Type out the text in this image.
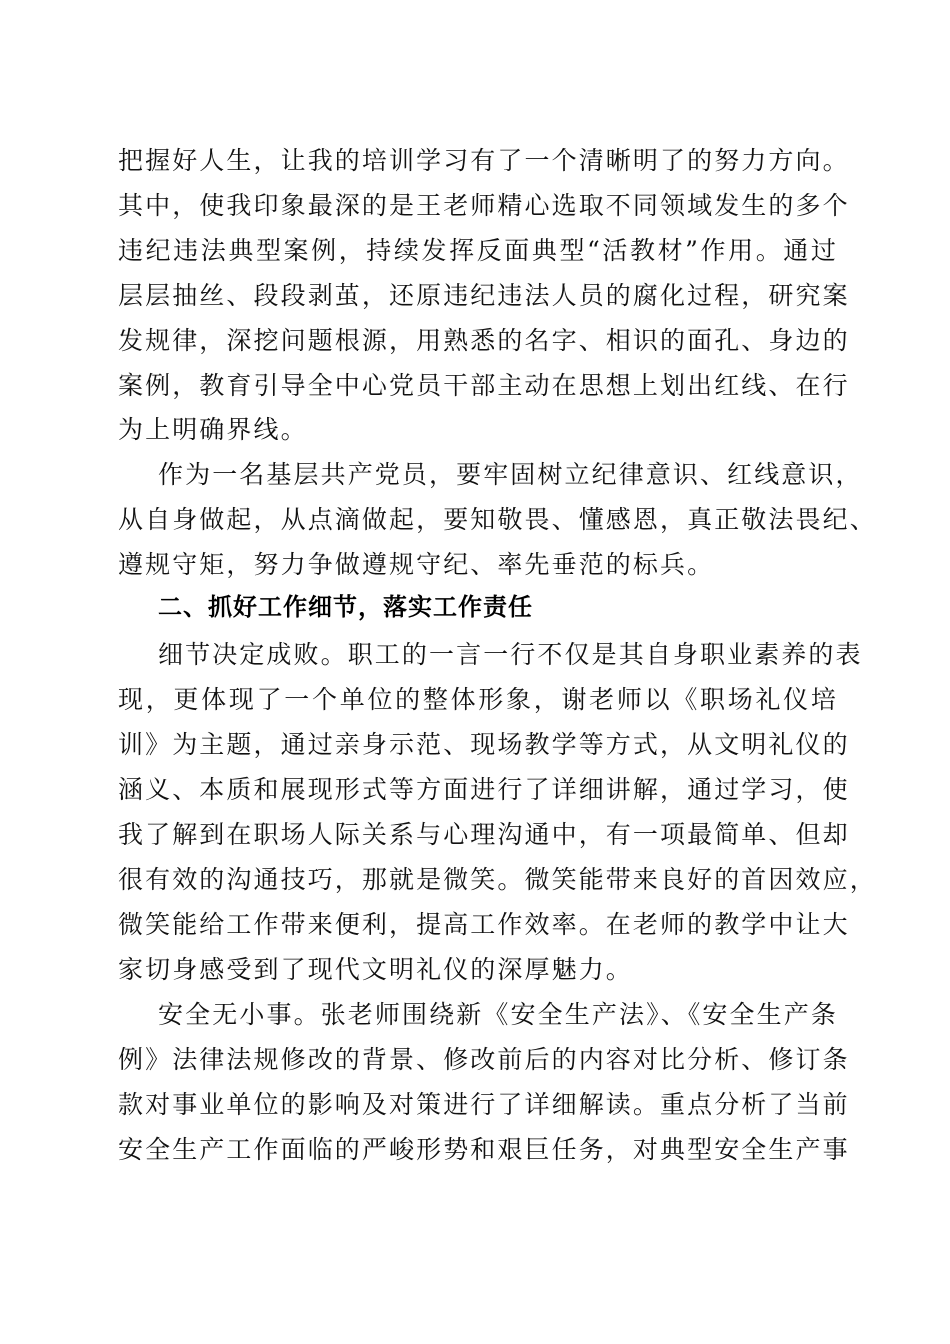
把握好人生，让我的培训学习有了一个清晰明了的努力方向。
其中，使我印象最深的是王老师精心选取不同领域发生的多个
违纪违法典型案例，持续发挥反面典型“活教材”作用。通过
层层抽丝、段段剥茧，还原违纪违法人员的腐化过程，研究案
发规律，深挖问题根源，用熟悉的名字、相识的面孔、身边的
案例，教育引导全中心党员干部主动在思想上划出红线、在行
为上明确界线。
作为一名基层共产党员，要牢固树立纪律意识、红线意识，
从自身做起，从点滴做起，要知敬畏、懂感恩，真正敬法畏纪、
遵规守矩，努力争做遵规守纪、率先垂范的标兵。
二、抓好工作细节，落实工作责任
细节决定成败。职工的一言一行不仅是其自身职业素养的表
现，更体现了一个单位的整体形象，谢老师以《职场礼仪培
训》为主题，通过亲身示范、现场教学等方式，从文明礼仪的
涵义、本质和展现形式等方面进行了详细讲解，通过学习，使
我了解到在职场人际关系与心理沟通中，有一项最简单、但却
很有效的沟通技巧，那就是微笑。微笑能带来良好的首因效应，
微笑能给工作带来便利，提高工作效率。在老师的教学中让大
家切身感受到了现代文明礼仪的深厚魅力。
安全无小事。张老师围绕新《安全生产法》、《安全生产条
例》法律法规修改的背景、修改前后的内容对比分析、修订条
款对事业单位的影响及对策进行了详细解读。重点分析了当前
安全生产工作面临的严峻形势和艰巨任务，对典型安全生产事
